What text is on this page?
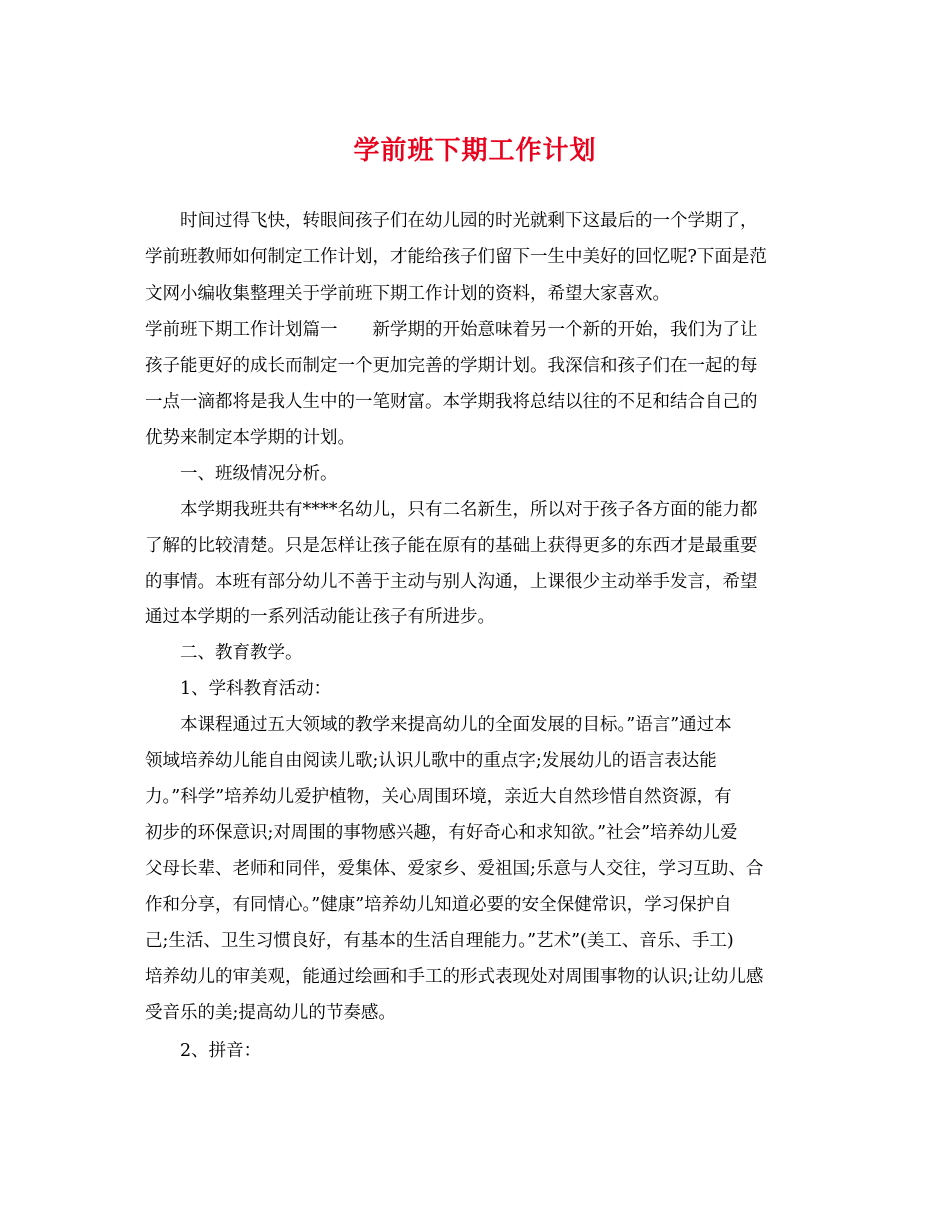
学前班下期工作计划
时间过得飞快，转眼间孩子们在幼儿园的时光就剩下这最后的一个学期了，
学前班教师如何制定工作计划，才能给孩子们留下一生中美好的回忆呢?下面是范
文网小编收集整理关于学前班下期工作计划的资料，希望大家喜欢。
学前班下期工作计划篇一　　新学期的开始意味着另一个新的开始，我们为了让
孩子能更好的成长而制定一个更加完善的学期计划。我深信和孩子们在一起的每
一点一滴都将是我人生中的一笔财富。本学期我将总结以往的不足和结合自己的
优势来制定本学期的计划。
一、班级情况分析。
本学期我班共有****名幼儿，只有二名新生，所以对于孩子各方面的能力都
了解的比较清楚。只是怎样让孩子能在原有的基础上获得更多的东西才是最重要
的事情。本班有部分幼儿不善于主动与别人沟通，上课很少主动举手发言，希望
通过本学期的一系列活动能让孩子有所进步。
二、教育教学。
1、学科教育活动：
本课程通过五大领域的教学来提高幼儿的全面发展的目标。”语言”通过本
领域培养幼儿能自由阅读儿歌;认识儿歌中的重点字;发展幼儿的语言表达能
力。”科学”培养幼儿爱护植物，关心周围环境，亲近大自然珍惜自然资源，有
初步的环保意识;对周围的事物感兴趣，有好奇心和求知欲。”社会”培养幼儿爱
父母长辈、老师和同伴，爱集体、爱家乡、爱祖国;乐意与人交往，学习互助、合
作和分享，有同情心。”健康”培养幼儿知道必要的安全保健常识，学习保护自
己;生活、卫生习惯良好，有基本的生活自理能力。”艺术”(美工、音乐、手工)
培养幼儿的审美观，能通过绘画和手工的形式表现处对周围事物的认识;让幼儿感
受音乐的美;提高幼儿的节奏感。
2、拼音：
